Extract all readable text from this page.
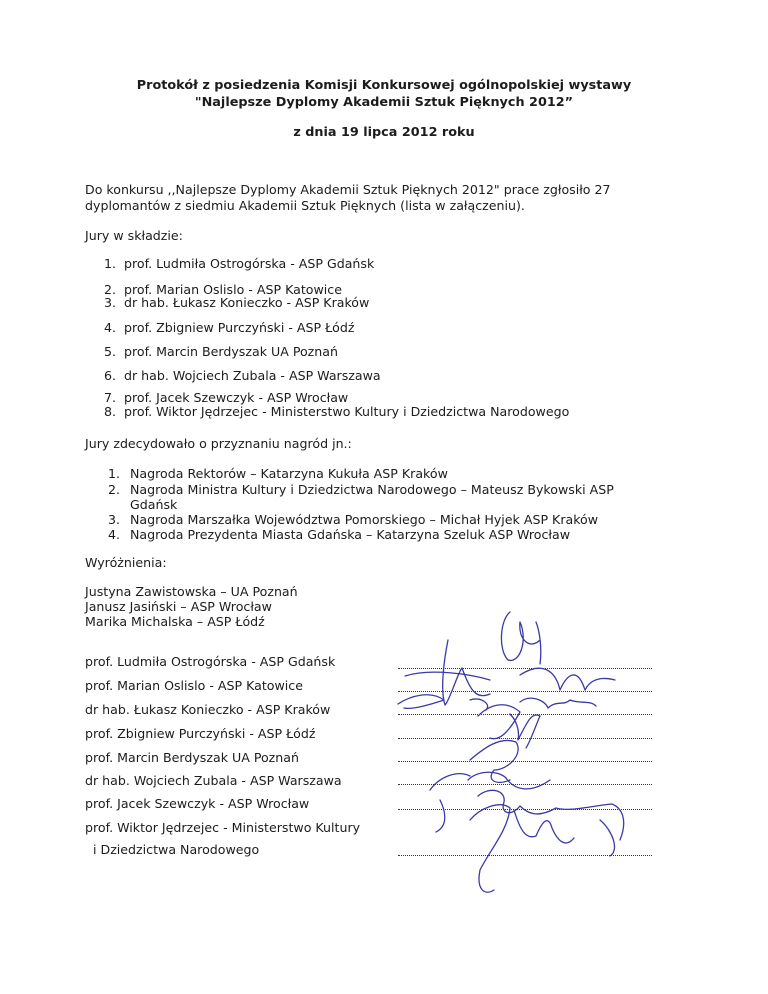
Protokół z posiedzenia Komisji Konkursowej ogólnopolskiej wystawy
"Najlepsze Dyplomy Akademii Sztuk Pięknych 2012”
z dnia 19 lipca 2012 roku
Do konkursu ,,Najlepsze Dyplomy Akademii Sztuk Pięknych 2012" prace zgłosiło 27
dyplomantów z siedmiu Akademii Sztuk Pięknych (lista w załączeniu).
Jury w składzie:
1. prof. Ludmiła Ostrogórska - ASP Gdańsk
2. prof. Marian Oslislo - ASP Katowice
3. dr hab. Łukasz Konieczko - ASP Kraków
4. prof. Zbigniew Purczyński - ASP Łódź
5. prof. Marcin Berdyszak UA Poznań
6. dr hab. Wojciech Zubala - ASP Warszawa
7. prof. Jacek Szewczyk - ASP Wrocław
8. prof. Wiktor Jędrzejec - Ministerstwo Kultury i Dziedzictwa Narodowego
Jury zdecydowało o przyznaniu nagród jn.:
1. Nagroda Rektorów – Katarzyna Kukuła ASP Kraków
2. Nagroda Ministra Kultury i Dziedzictwa Narodowego – Mateusz Bykowski ASP
Gdańsk
3. Nagroda Marszałka Województwa Pomorskiego – Michał Hyjek ASP Kraków
4. Nagroda Prezydenta Miasta Gdańska – Katarzyna Szeluk ASP Wrocław
Wyróżnienia:
Justyna Zawistowska – UA Poznań
Janusz Jasiński – ASP Wrocław
Marika Michalska – ASP Łódź
prof. Ludmiła Ostrogórska - ASP Gdańsk
prof. Marian Oslislo - ASP Katowice
dr hab. Łukasz Konieczko - ASP Kraków
prof. Zbigniew Purczyński - ASP Łódź
prof. Marcin Berdyszak UA Poznań
dr hab. Wojciech Zubala - ASP Warszawa
prof. Jacek Szewczyk - ASP Wrocław
prof. Wiktor Jędrzejec - Ministerstwo Kultury
i Dziedzictwa Narodowego
